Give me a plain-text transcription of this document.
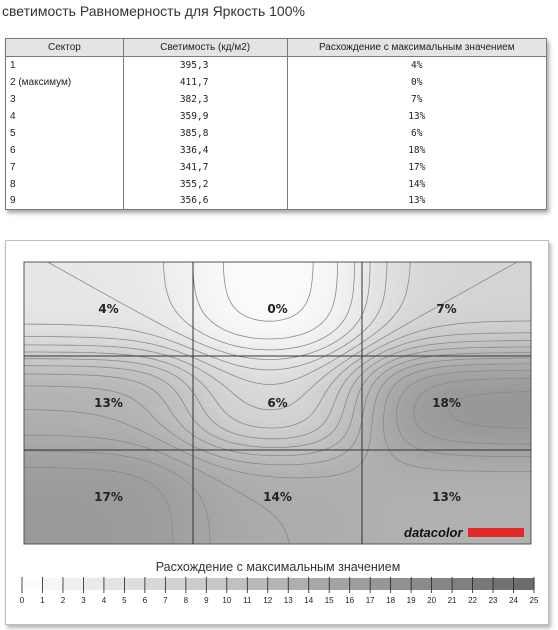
светимость Равномерность для Яркость 100%
Сектор	Светимость (кд/м2)	Расхождение с максимальным значением
1	395,3	4%
2 (максимум)	411,7	0%
3	382,3	7%
4	359,9	13%
5	385,8	6%
6	336,4	18%
7	341,7	17%
8	355,2	14%
9	356,6	13%
4%	0%	7%
13%	6%	18%
17%	14%	13%
datacolor
Расхождение с максимальным значением
0 1 2 3 4 5 6 7 8 9 10 11 12 13 14 15 16 17 18 19 20 21 22 23 24 25
